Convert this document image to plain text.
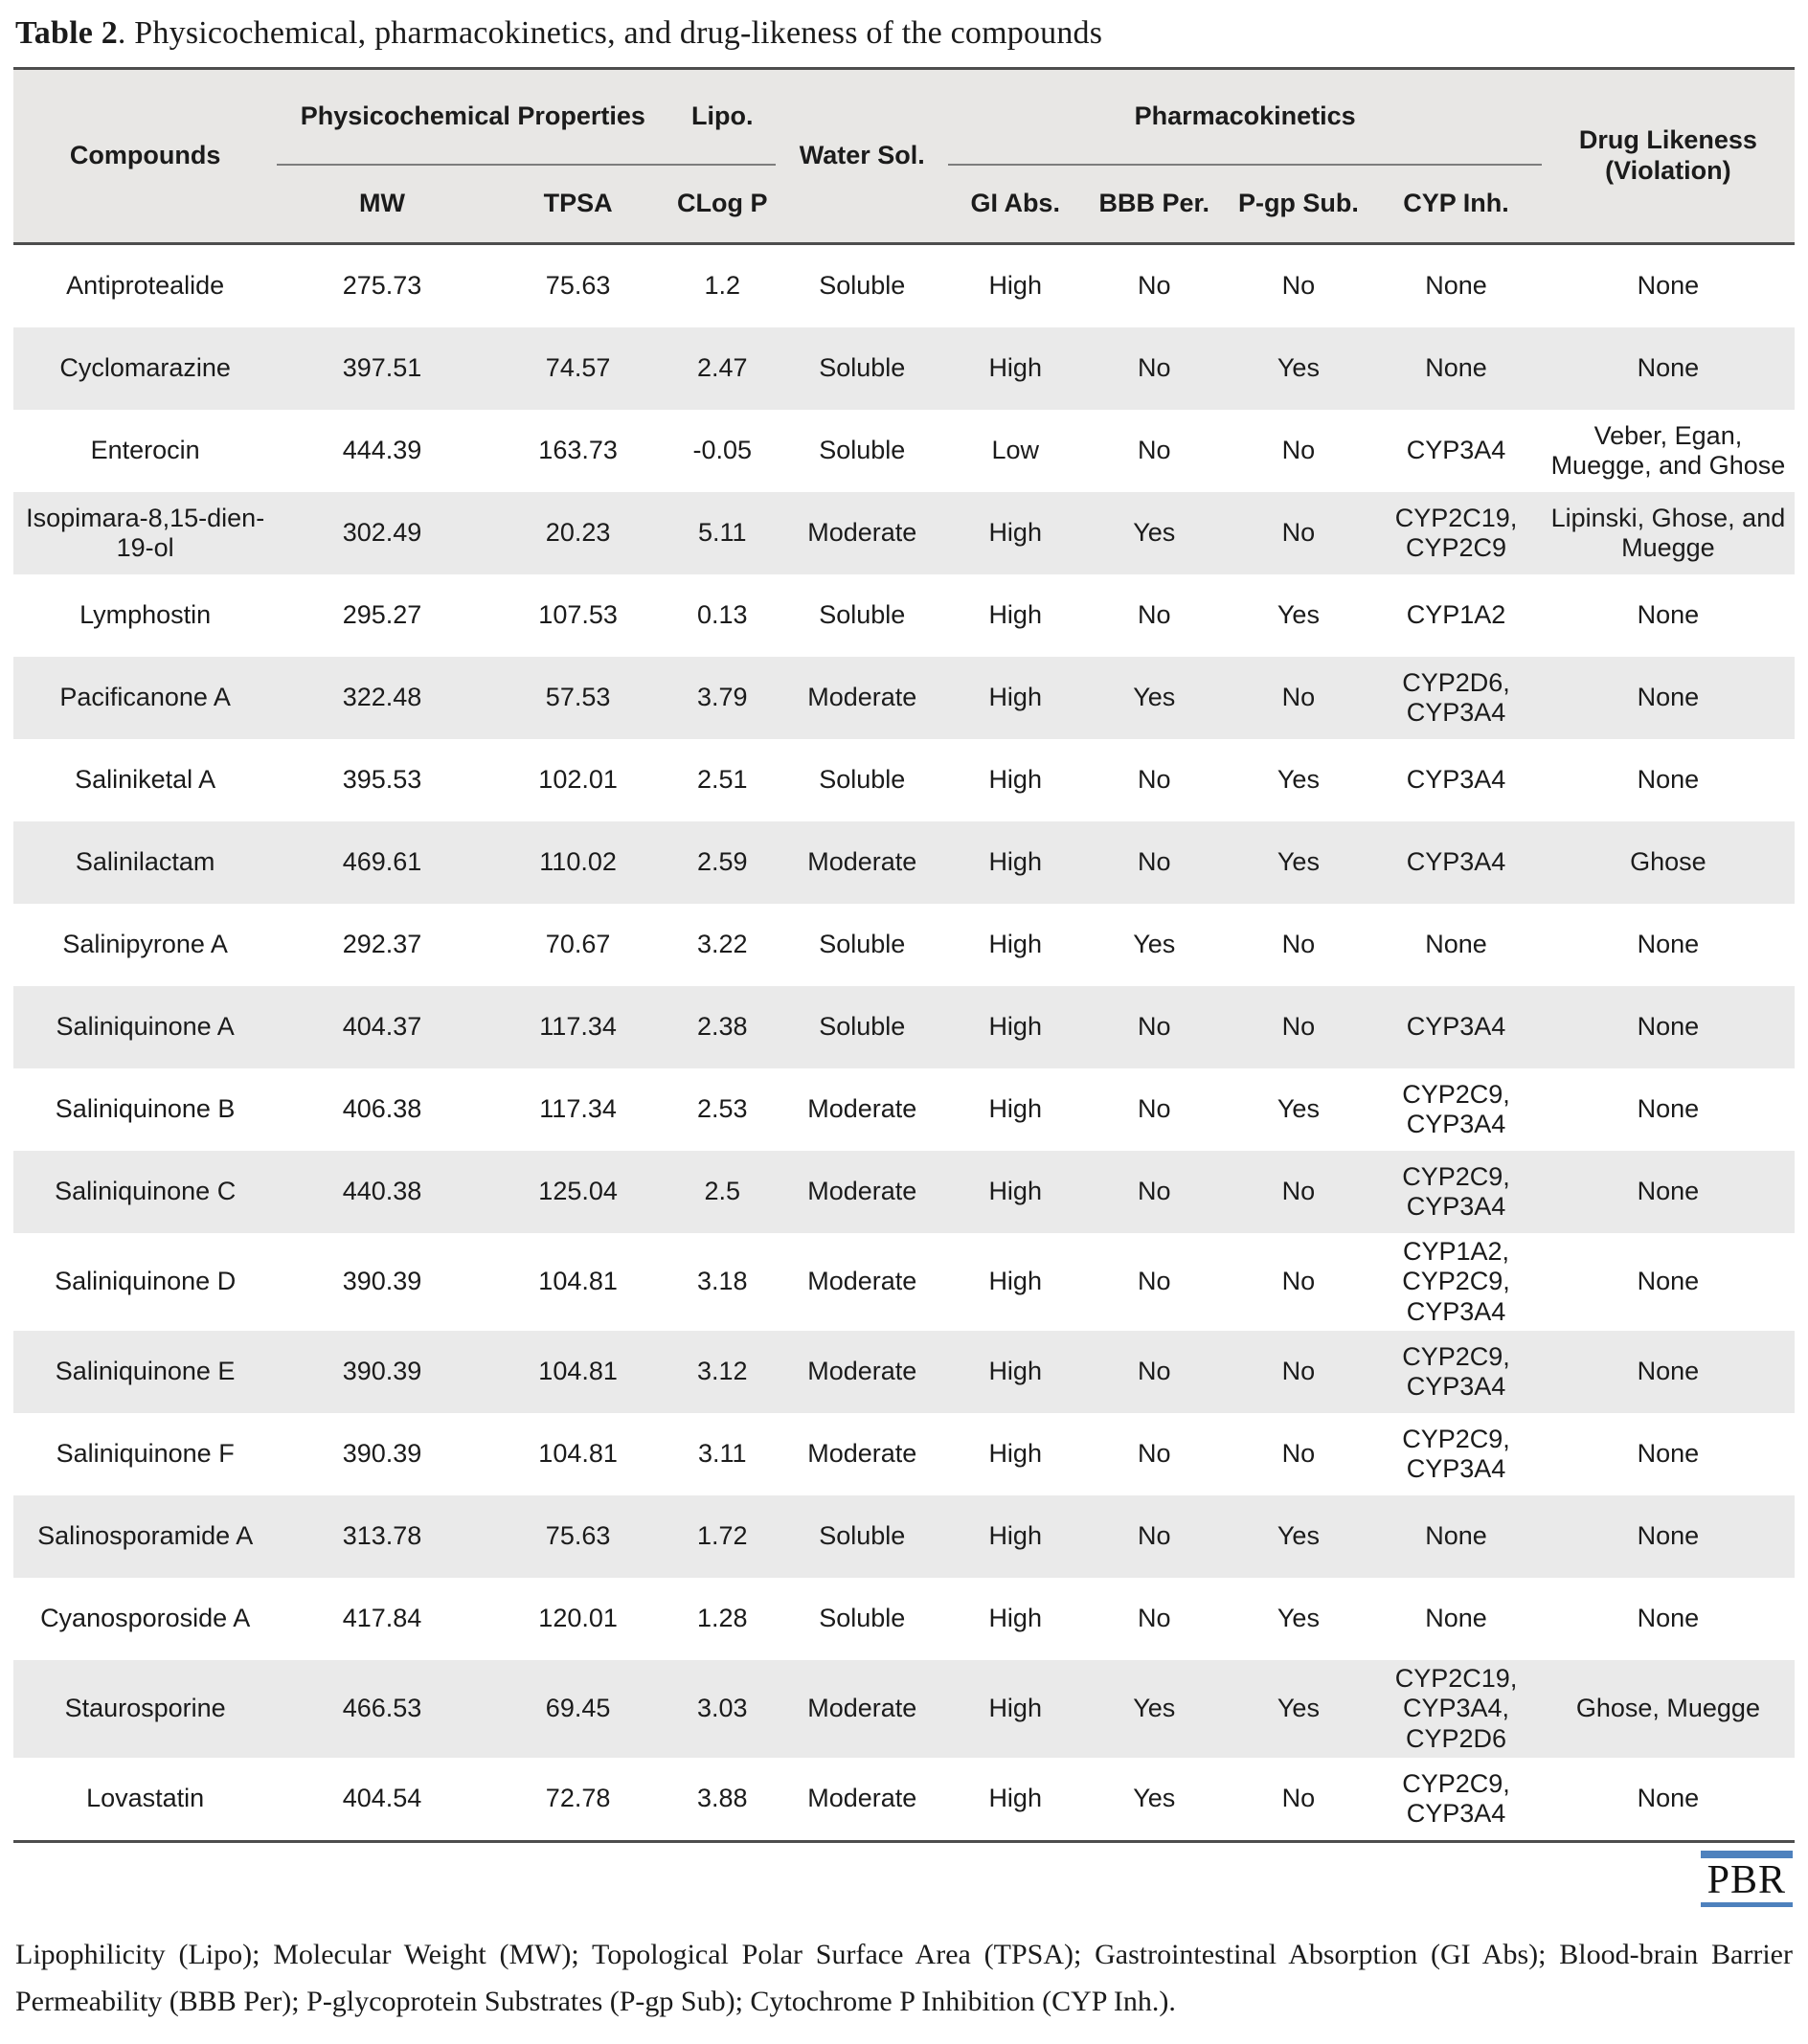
Table 2. Physicochemical, pharmacokinetics, and drug-likeness of the compounds
Compounds	Physicochemical Properties		Lipo.	Water Sol.	Pharmacokinetics				Drug Likeness (Violation)
	MW	TPSA	CLog P		GI Abs.	BBB Per.	P-gp Sub.	CYP Inh.	
Antiprotealide	275.73	75.63	1.2	Soluble	High	No	No	None	None
Cyclomarazine	397.51	74.57	2.47	Soluble	High	No	Yes	None	None
Enterocin	444.39	163.73	-0.05	Soluble	Low	No	No	CYP3A4	Veber, Egan, Muegge, and Ghose
Isopimara-8,15-dien-19-ol	302.49	20.23	5.11	Moderate	High	Yes	No	CYP2C19, CYP2C9	Lipinski, Ghose, and Muegge
Lymphostin	295.27	107.53	0.13	Soluble	High	No	Yes	CYP1A2	None
Pacificanone A	322.48	57.53	3.79	Moderate	High	Yes	No	CYP2D6, CYP3A4	None
Saliniketal A	395.53	102.01	2.51	Soluble	High	No	Yes	CYP3A4	None
Salinilactam	469.61	110.02	2.59	Moderate	High	No	Yes	CYP3A4	Ghose
Salinipyrone A	292.37	70.67	3.22	Soluble	High	Yes	No	None	None
Saliniquinone A	404.37	117.34	2.38	Soluble	High	No	No	CYP3A4	None
Saliniquinone B	406.38	117.34	2.53	Moderate	High	No	Yes	CYP2C9, CYP3A4	None
Saliniquinone C	440.38	125.04	2.5	Moderate	High	No	No	CYP2C9, CYP3A4	None
Saliniquinone D	390.39	104.81	3.18	Moderate	High	No	No	CYP1A2, CYP2C9, CYP3A4	None
Saliniquinone E	390.39	104.81	3.12	Moderate	High	No	No	CYP2C9, CYP3A4	None
Saliniquinone F	390.39	104.81	3.11	Moderate	High	No	No	CYP2C9, CYP3A4	None
Salinosporamide A	313.78	75.63	1.72	Soluble	High	No	Yes	None	None
Cyanosporoside A	417.84	120.01	1.28	Soluble	High	No	Yes	None	None
Staurosporine	466.53	69.45	3.03	Moderate	High	Yes	Yes	CYP2C19, CYP3A4, CYP2D6	Ghose, Muegge
Lovastatin	404.54	72.78	3.88	Moderate	High	Yes	No	CYP2C9, CYP3A4	None
PBR

Lipophilicity (Lipo); Molecular Weight (MW); Topological Polar Surface Area (TPSA); Gastrointestinal Absorption (GI Abs); Blood-brain Barrier Permeability (BBB Per); P-glycoprotein Substrates (P-gp Sub); Cytochrome P Inhibition (CYP Inh.).
